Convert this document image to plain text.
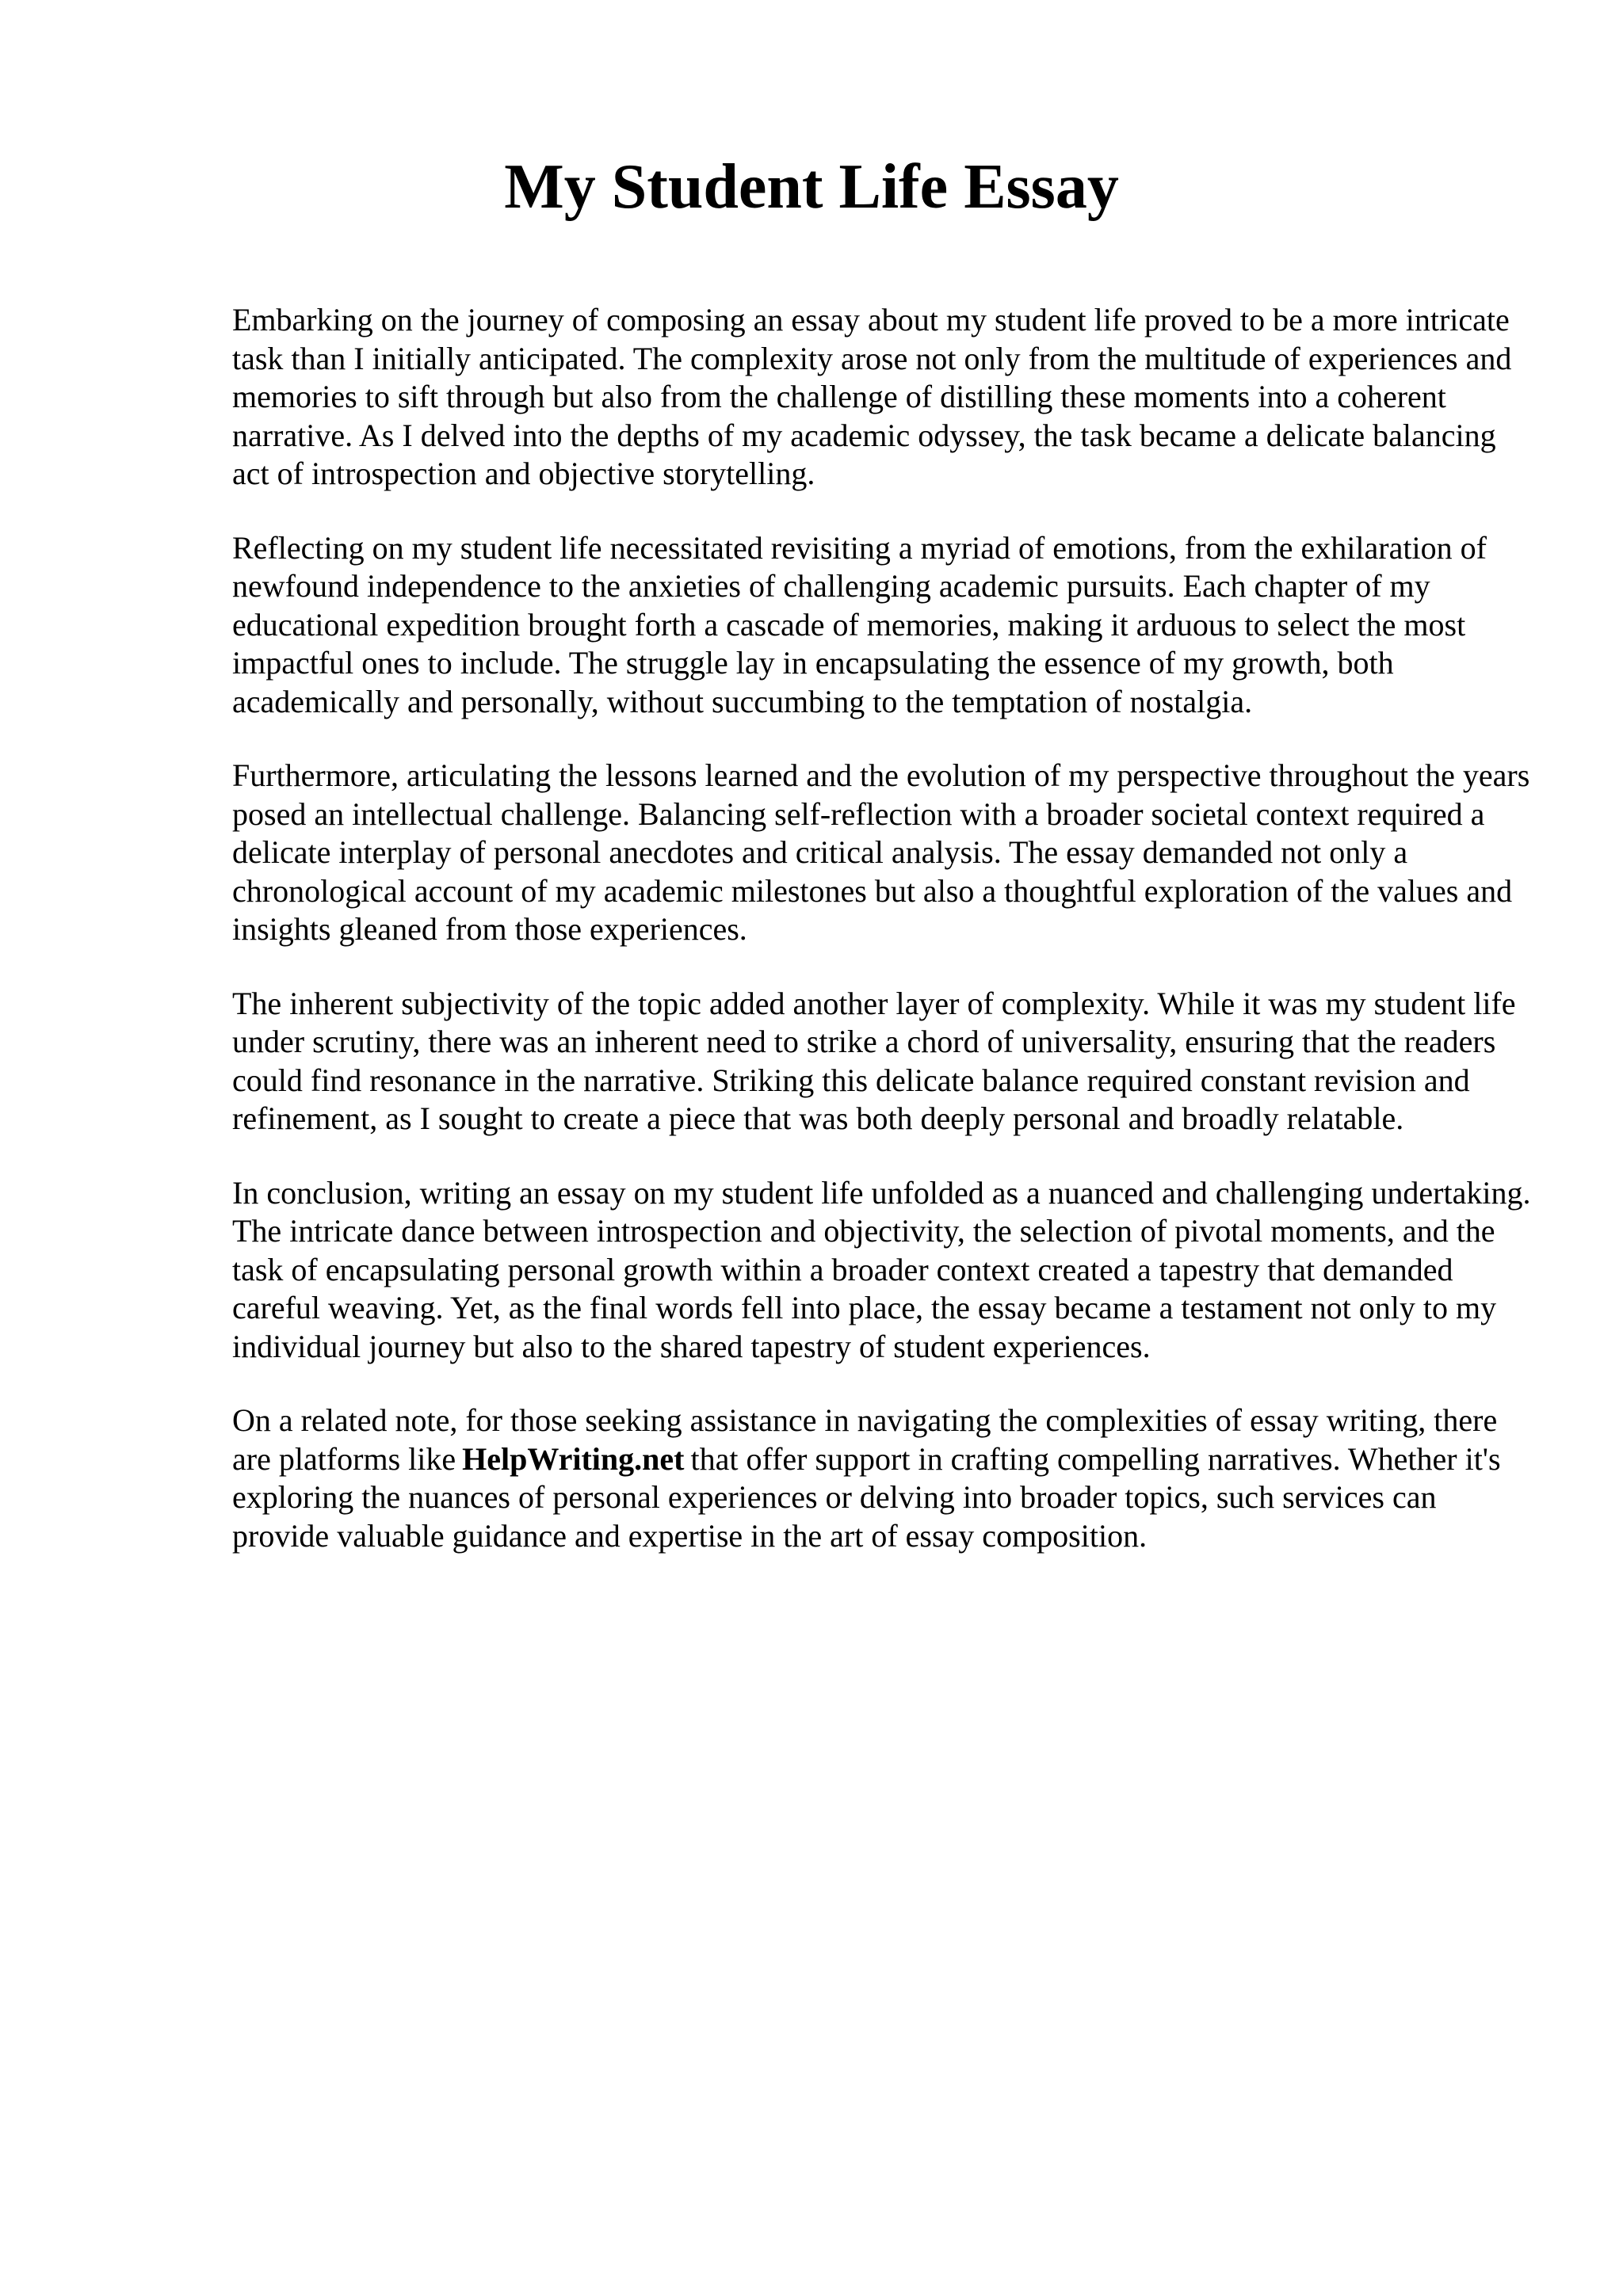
My Student Life Essay

Embarking on the journey of composing an essay about my student life proved to be a more intricate task than I initially anticipated. The complexity arose not only from the multitude of experiences and memories to sift through but also from the challenge of distilling these moments into a coherent narrative. As I delved into the depths of my academic odyssey, the task became a delicate balancing act of introspection and objective storytelling.

Reflecting on my student life necessitated revisiting a myriad of emotions, from the exhilaration of newfound independence to the anxieties of challenging academic pursuits. Each chapter of my educational expedition brought forth a cascade of memories, making it arduous to select the most impactful ones to include. The struggle lay in encapsulating the essence of my growth, both academically and personally, without succumbing to the temptation of nostalgia.

Furthermore, articulating the lessons learned and the evolution of my perspective throughout the years posed an intellectual challenge. Balancing self-reflection with a broader societal context required a delicate interplay of personal anecdotes and critical analysis. The essay demanded not only a chronological account of my academic milestones but also a thoughtful exploration of the values and insights gleaned from those experiences.

The inherent subjectivity of the topic added another layer of complexity. While it was my student life under scrutiny, there was an inherent need to strike a chord of universality, ensuring that the readers could find resonance in the narrative. Striking this delicate balance required constant revision and refinement, as I sought to create a piece that was both deeply personal and broadly relatable.

In conclusion, writing an essay on my student life unfolded as a nuanced and challenging undertaking. The intricate dance between introspection and objectivity, the selection of pivotal moments, and the task of encapsulating personal growth within a broader context created a tapestry that demanded careful weaving. Yet, as the final words fell into place, the essay became a testament not only to my individual journey but also to the shared tapestry of student experiences.

On a related note, for those seeking assistance in navigating the complexities of essay writing, there are platforms like HelpWriting.net that offer support in crafting compelling narratives. Whether it's exploring the nuances of personal experiences or delving into broader topics, such services can provide valuable guidance and expertise in the art of essay composition.
